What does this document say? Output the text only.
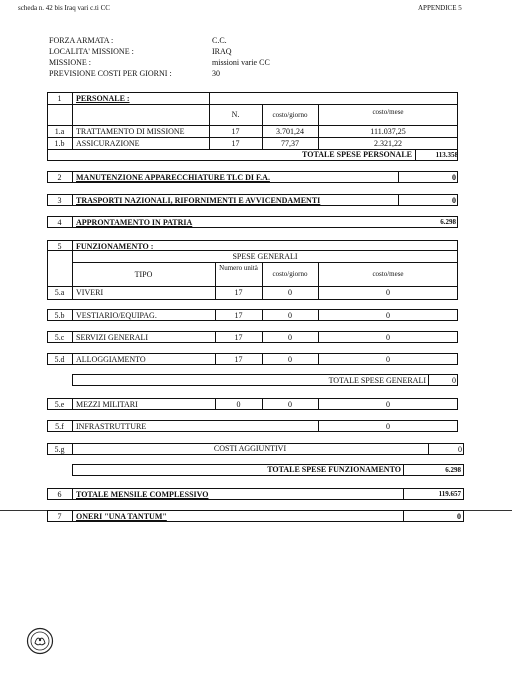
scheda n. 42 bis Iraq vari c.ti CC	APPENDICE 5
FORZA ARMATA :	C.C.
LOCALITA' MISSIONE :	IRAQ
MISSIONE :	missioni varie CC
PREVISIONE COSTI PER GIORNI :	30
1	PERSONALE :
N.	costo/giorno	costo/mese
1.a	TRATTAMENTO DI MISSIONE	17	3.701,24	111.037,25
1.b	ASSICURAZIONE	17	77,37	2.321,22
TOTALE SPESE PERSONALE	113.358
2	MANUTENZIONE APPARECCHIATURE TLC DI F.A.	0
3	TRASPORTI NAZIONALI, RIFORNIMENTI E AVVICENDAMENTI	0
4	APPRONTAMENTO IN PATRIA	6.298
5	FUNZIONAMENTO :
SPESE GENERALI
TIPO
Numero unità
costo/giorno	costo/mese
5.a	VIVERI	17	0	0
5.b	VESTIARIO/EQUIPAG.	17	0	0
5.c	SERVIZI GENERALI	17	0	0
5.d	ALLOGGIAMENTO	17	0	0
TOTALE SPESE GENERALI	0
5.e	MEZZI MILITARI	0	0	0
5.f	INFRASTRUTTURE	0
5.g	COSTI AGGIUNTIVI	0
TOTALE SPESE FUNZIONAMENTO	6.298
6	TOTALE MENSILE COMPLESSIVO	119.657
7	ONERI "UNA TANTUM"	0
